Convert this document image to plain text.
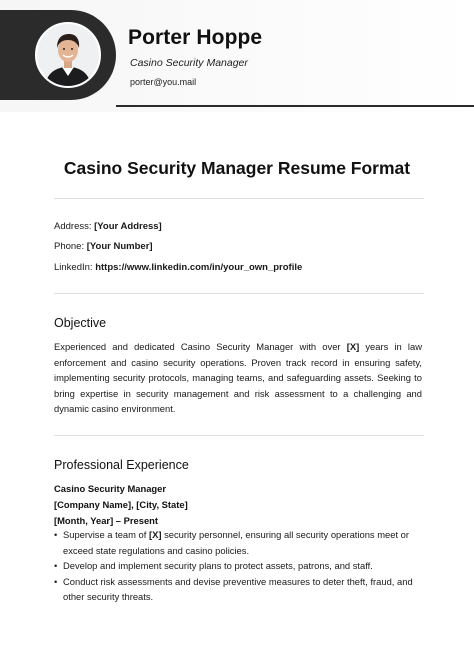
Porter Hoppe
Casino Security Manager
porter@you.mail
Casino Security Manager Resume Format
Address: [Your Address]
Phone: [Your Number]
LinkedIn: https://www.linkedin.com/in/your_own_profile
Objective
Experienced and dedicated Casino Security Manager with over [X] years in law enforcement and casino security operations. Proven track record in ensuring safety, implementing security protocols, managing teams, and safeguarding assets. Seeking to bring expertise in security management and risk assessment to a challenging and dynamic casino environment.
Professional Experience
Casino Security Manager
[Company Name], [City, State]
[Month, Year] – Present
• Supervise a team of [X] security personnel, ensuring all security operations meet or exceed state regulations and casino policies.
• Develop and implement security plans to protect assets, patrons, and staff.
• Conduct risk assessments and devise preventive measures to deter theft, fraud, and other security threats.
